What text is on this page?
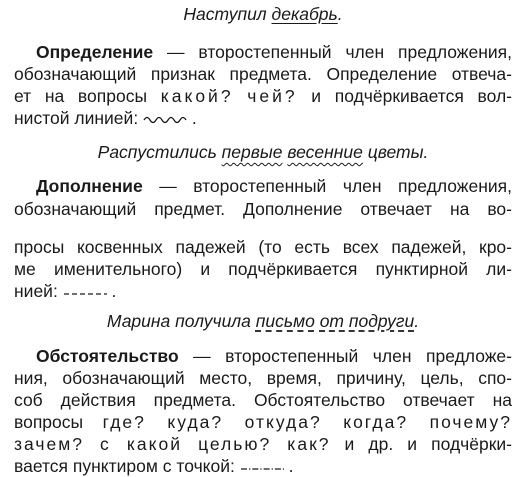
Наступил декабрь.
Определение — второстепенный член предложения,
обозначающий признак предмета. Определение отвеча-
ет на вопросы какой? чей? и подчёркивается вол-
нистой линией:	.
Распустились первые весенние цветы.
Дополнение — второстепенный член предложения,
обозначающий предмет. Дополнение отвечает на во-
просы косвенных падежей (то есть всех падежей, кро-
ме именительного) и подчёркивается пунктирной ли-
нией:	.
Марина получила письмо от подруги.
Обстоятельство — второстепенный член предложе-
ния, обозначающий место, время, причину, цель, спо-
соб действия предмета. Обстоятельство отвечает на
вопросы где? куда? откуда? когда? почему?
зачем? с какой целью? как? и др. и подчёрки-
вается пунктиром с точкой:	.
